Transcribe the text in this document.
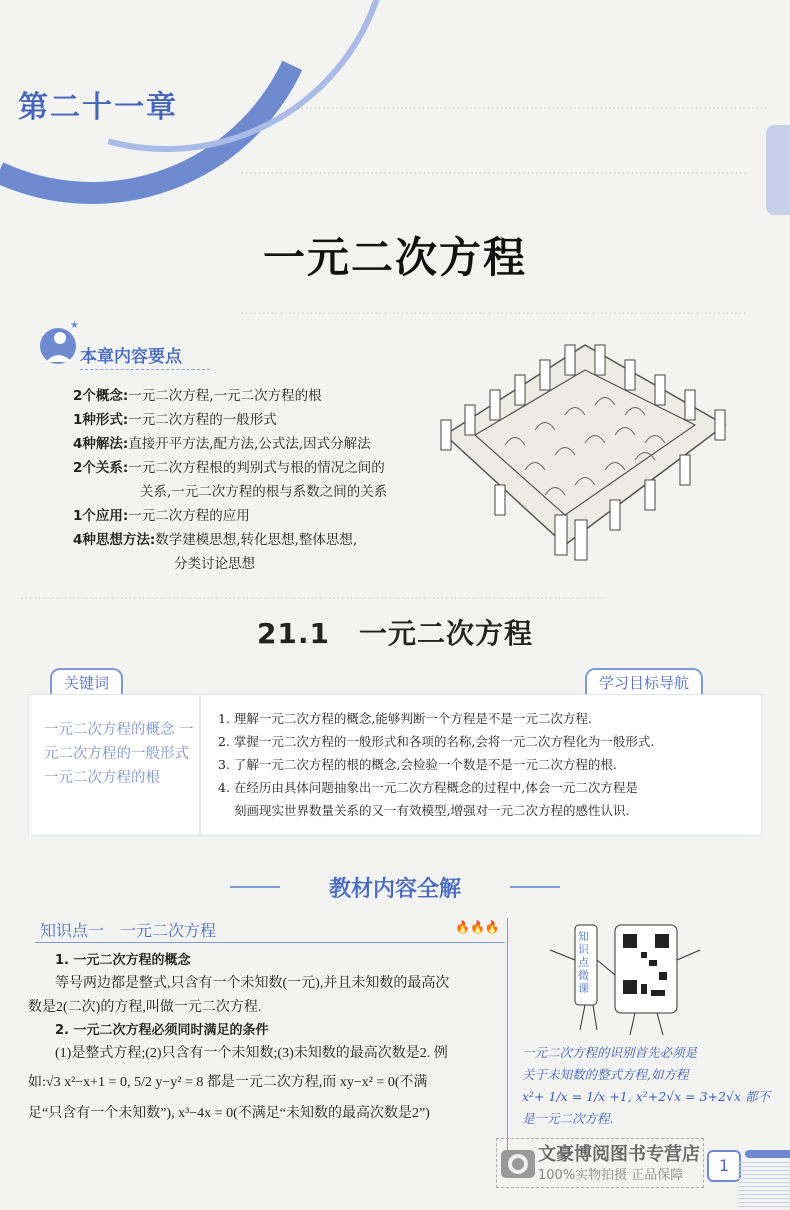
………………………………………………………………………………………………
………………………………………………………………………………………………………
………………………………………………………………………………………………………
………………………………………………………………………………………………………………………
第二十一章
一元二次方程
★
本章内容要点
2个概念:一元二次方程,一元二次方程的根
1种形式:一元二次方程的一般形式
4种解法:直接开平方法,配方法,公式法,因式分解法
2个关系:一元二次方程根的判别式与根的情况之间的
关系,一元二次方程的根与系数之间的关系
1个应用:一元二次方程的应用
4种思想方法:数学建模思想,转化思想,整体思想,
分类讨论思想
21.1　一元二次方程
关键词	学习目标导航
一元二次方程的概念 一元二次方程的一般形式 一元二次方程的根
1. 理解一元二次方程的概念,能够判断一个方程是不是一元二次方程.
2. 掌握一元二次方程的一般形式和各项的名称,会将一元二次方程化为一般形式.
3. 了解一元二次方程的根的概念,会检验一个数是不是一元二次方程的根.
4. 在经历由具体问题抽象出一元二次方程概念的过程中,体会一元二次方程是
刻画现实世界数量关系的又一有效模型,增强对一元二次方程的感性认识.
教材内容全解
知识点一　一元二次方程	🔥🔥🔥
1. 一元二次方程的概念
等号两边都是整式,只含有一个未知数(一元),并且未知数的最高次
数是2(二次)的方程,叫做一元二次方程.
2. 一元二次方程必须同时满足的条件
(1)是整式方程;(2)只含有一个未知数;(3)未知数的最高次数是2. 例
如:√3 x²−x+1 = 0, 5/2 y−y² = 8 都是一元二次方程,而 xy−x² = 0(不满
足“只含有一个未知数”), x³−4x = 0(不满足“未知数的最高次数是2”)
知识点微课
一元二次方程的识别首先必须是
关于未知数的整式方程,如方程
x²+ 1/x = 1/x +1, x²+2√x = 3+2√x 都不
是一元二次方程.
文豪博阅图书专营店
100%实物拍摄 正品保障
1
